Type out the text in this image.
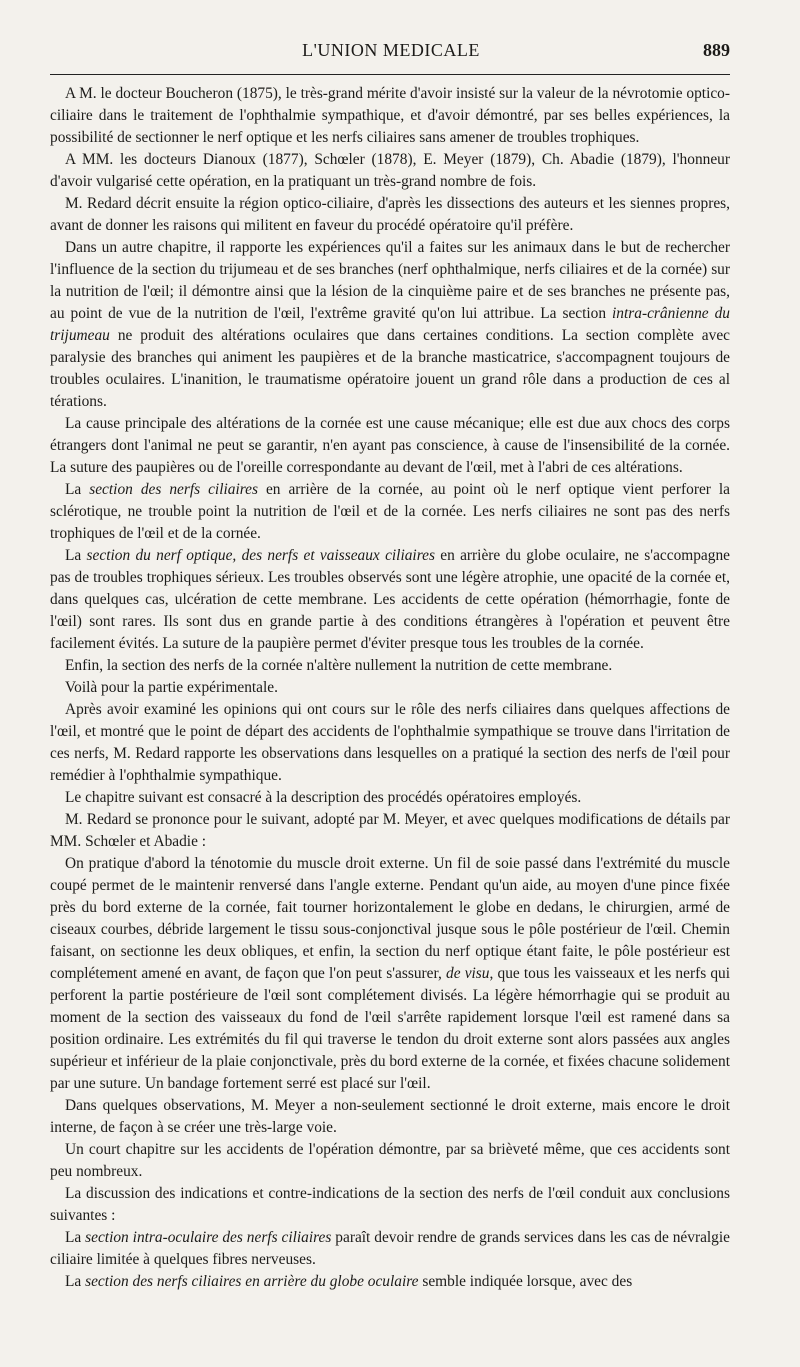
L'UNION MEDICALE	889

A M. le docteur Boucheron (1875), le très-grand mérite d'avoir insisté sur la valeur de la névrotomie optico-ciliaire dans le traitement de l'ophthalmie sympathique, et d'avoir démontré, par ses belles expériences, la possibilité de sectionner le nerf optique et les nerfs ciliaires sans amener de troubles trophiques.

A MM. les docteurs Dianoux (1877), Schœler (1878), E. Meyer (1879), Ch. Abadie (1879), l'honneur d'avoir vulgarisé cette opération, en la pratiquant un très-grand nombre de fois.

M. Redard décrit ensuite la région optico-ciliaire, d'après les dissections des auteurs et les siennes propres, avant de donner les raisons qui militent en faveur du procédé opératoire qu'il préfère.

Dans un autre chapitre, il rapporte les expériences qu'il a faites sur les animaux dans le but de rechercher l'influence de la section du trijumeau et de ses branches (nerf ophthalmique, nerfs ciliaires et de la cornée) sur la nutrition de l'œil; il démontre ainsi que la lésion de la cinquième paire et de ses branches ne présente pas, au point de vue de la nutrition de l'œil, l'extrême gravité qu'on lui attribue. La section intra-crânienne du trijumeau ne produit des altérations oculaires que dans certaines conditions. La section complète avec paralysie des branches qui animent les paupières et de la branche masticatrice, s'accompagnent toujours de troubles oculaires. L'inanition, le traumatisme opératoire jouent un grand rôle dans a production de ces al térations.

La cause principale des altérations de la cornée est une cause mécanique; elle est due aux chocs des corps étrangers dont l'animal ne peut se garantir, n'en ayant pas conscience, à cause de l'insensibilité de la cornée. La suture des paupières ou de l'oreille correspondante au devant de l'œil, met à l'abri de ces altérations.

La section des nerfs ciliaires en arrière de la cornée, au point où le nerf optique vient perforer la sclérotique, ne trouble point la nutrition de l'œil et de la cornée. Les nerfs ciliaires ne sont pas des nerfs trophiques de l'œil et de la cornée.

La section du nerf optique, des nerfs et vaisseaux ciliaires en arrière du globe oculaire, ne s'accompagne pas de troubles trophiques sérieux. Les troubles observés sont une légère atrophie, une opacité de la cornée et, dans quelques cas, ulcération de cette membrane. Les accidents de cette opération (hémorrhagie, fonte de l'œil) sont rares. Ils sont dus en grande partie à des conditions étrangères à l'opération et peuvent être facilement évités. La suture de la paupière permet d'éviter presque tous les troubles de la cornée.

Enfin, la section des nerfs de la cornée n'altère nullement la nutrition de cette membrane.

Voilà pour la partie expérimentale.

Après avoir examiné les opinions qui ont cours sur le rôle des nerfs ciliaires dans quelques affections de l'œil, et montré que le point de départ des accidents de l'ophthalmie sympathique se trouve dans l'irritation de ces nerfs, M. Redard rapporte les observations dans lesquelles on a pratiqué la section des nerfs de l'œil pour remédier à l'ophthalmie sympathique.

Le chapitre suivant est consacré à la description des procédés opératoires employés.

M. Redard se prononce pour le suivant, adopté par M. Meyer, et avec quelques modifications de détails par MM. Schœler et Abadie :

On pratique d'abord la ténotomie du muscle droit externe. Un fil de soie passé dans l'extrémité du muscle coupé permet de le maintenir renversé dans l'angle externe. Pendant qu'un aide, au moyen d'une pince fixée près du bord externe de la cornée, fait tourner horizontalement le globe en dedans, le chirurgien, armé de ciseaux courbes, débride largement le tissu sous-conjonctival jusque sous le pôle postérieur de l'œil. Chemin faisant, on sectionne les deux obliques, et enfin, la section du nerf optique étant faite, le pôle postérieur est complétement amené en avant, de façon que l'on peut s'assurer, de visu, que tous les vaisseaux et les nerfs qui perforent la partie postérieure de l'œil sont complétement divisés. La légère hémorrhagie qui se produit au moment de la section des vaisseaux du fond de l'œil s'arrête rapidement lorsque l'œil est ramené dans sa position ordinaire. Les extrémités du fil qui traverse le tendon du droit externe sont alors passées aux angles supérieur et inférieur de la plaie conjonctivale, près du bord externe de la cornée, et fixées chacune solidement par une suture. Un bandage fortement serré est placé sur l'œil.

Dans quelques observations, M. Meyer a non-seulement sectionné le droit externe, mais encore le droit interne, de façon à se créer une très-large voie.

Un court chapitre sur les accidents de l'opération démontre, par sa brièveté même, que ces accidents sont peu nombreux.

La discussion des indications et contre-indications de la section des nerfs de l'œil conduit aux conclusions suivantes :

La section intra-oculaire des nerfs ciliaires paraît devoir rendre de grands services dans les cas de névralgie ciliaire limitée à quelques fibres nerveuses.

La section des nerfs ciliaires en arrière du globe oculaire semble indiquée lorsque, avec des
